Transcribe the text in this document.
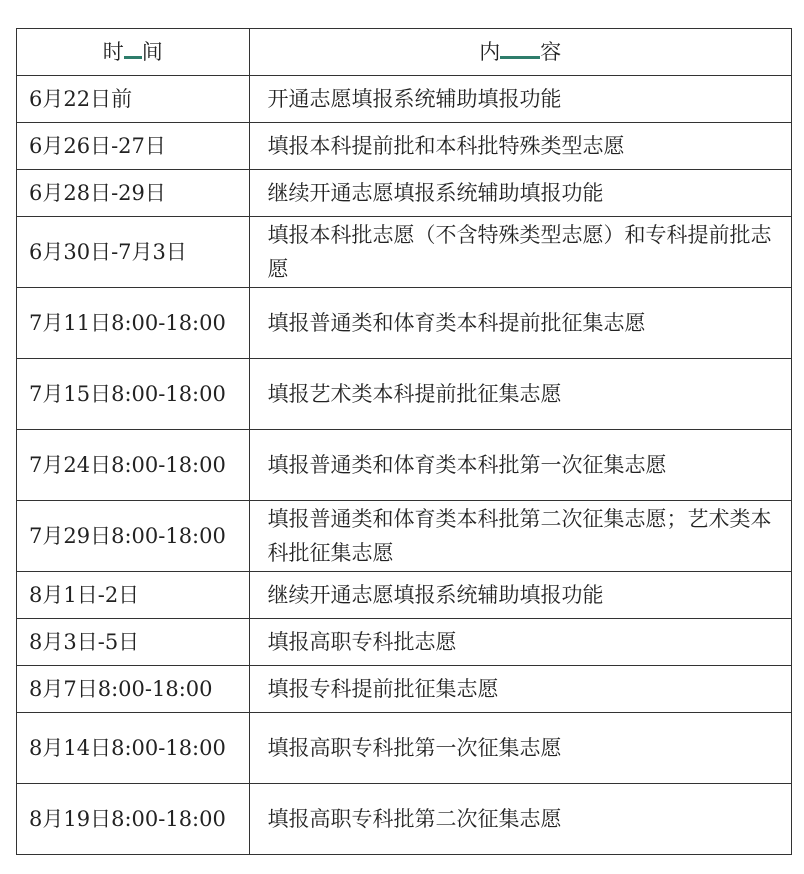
时 间	内 容
6月22日前	开通志愿填报系统辅助填报功能
6月26日-27日	填报本科提前批和本科批特殊类型志愿
6月28日-29日	继续开通志愿填报系统辅助填报功能
6月30日-7月3日	填报本科批志愿（不含特殊类型志愿）和专科提前批志愿
7月11日8:00-18:00	填报普通类和体育类本科提前批征集志愿
7月15日8:00-18:00	填报艺术类本科提前批征集志愿
7月24日8:00-18:00	填报普通类和体育类本科批第一次征集志愿
7月29日8:00-18:00	填报普通类和体育类本科批第二次征集志愿；艺术类本科批征集志愿
8月1日-2日	继续开通志愿填报系统辅助填报功能
8月3日-5日	填报高职专科批志愿
8月7日8:00-18:00	填报专科提前批征集志愿
8月14日8:00-18:00	填报高职专科批第一次征集志愿
8月19日8:00-18:00	填报高职专科批第二次征集志愿
